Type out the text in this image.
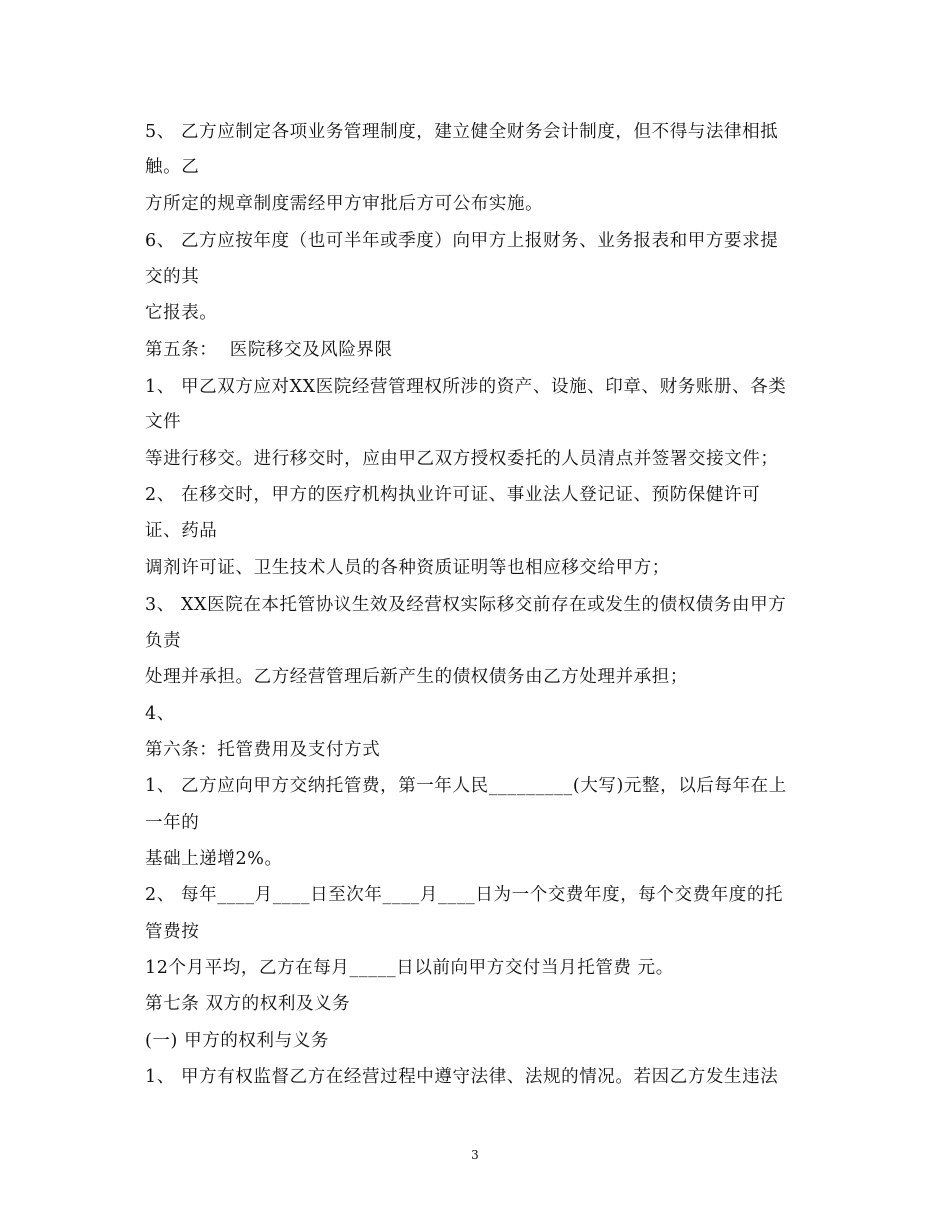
5、 乙方应制定各项业务管理制度，建立健全财务会计制度，但不得与法律相抵
触。乙
方所定的规章制度需经甲方审批后方可公布实施。
6、 乙方应按年度（也可半年或季度）向甲方上报财务、业务报表和甲方要求提
交的其
它报表。
第五条：  医院移交及风险界限
1、 甲乙双方应对XX医院经营管理权所涉的资产、设施、印章、财务账册、各类
文件
等进行移交。进行移交时，应由甲乙双方授权委托的人员清点并签署交接文件；
2、 在移交时，甲方的医疗机构执业许可证、事业法人登记证、预防保健许可
证、药品
调剂许可证、卫生技术人员的各种资质证明等也相应移交给甲方；
3、 XX医院在本托管协议生效及经营权实际移交前存在或发生的债权债务由甲方
负责
处理并承担。乙方经营管理后新产生的债权债务由乙方处理并承担；
4、
第六条：托管费用及支付方式
1、 乙方应向甲方交纳托管费，第一年人民_________(大写)元整，以后每年在上
一年的
基础上递增2%。
2、 每年____月____日至次年____月____日为一个交费年度，每个交费年度的托
管费按
12个月平均，乙方在每月_____日以前向甲方交付当月托管费 元。
第七条 双方的权利及义务
(一) 甲方的权利与义务
1、 甲方有权监督乙方在经营过程中遵守法律、法规的情况。若因乙方发生违法
3
